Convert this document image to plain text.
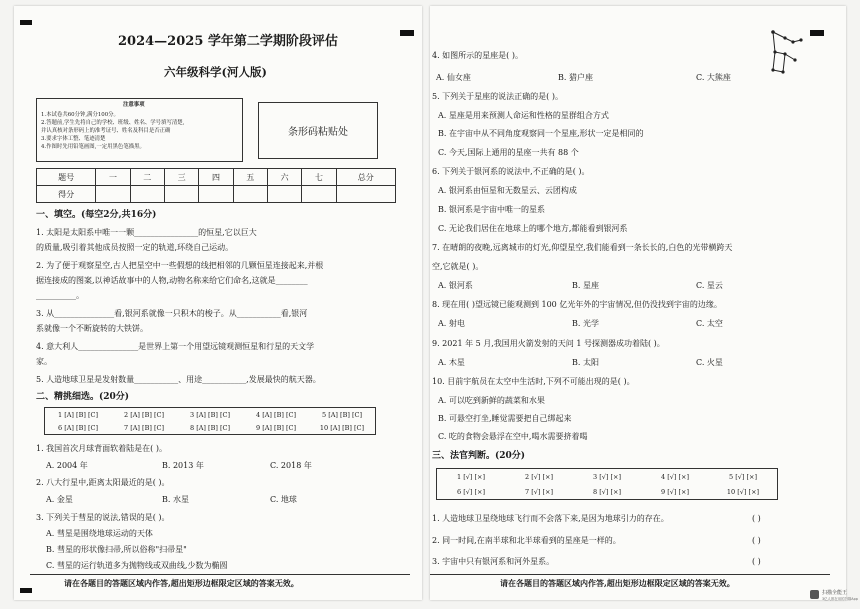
2024—2025 学年第二学期阶段评估
六年级科学(河人版)
注意事项
1.本试卷共60分钟,满分100分。
2.答题前,学生先将自己的学校、班级、姓名、学号填写清楚,
并认真核对条形码上的准考证号、姓名及科目是否正确
3.要求字体工整、笔迹清楚
4.作图时先用铅笔画图,一定用黑色笔描黑。
条形码粘贴处
题号	一	二	三	四	五	六	七	总分
得分								
一、填空。(每空2分,共16分)
1. 太阳是太阳系中唯一一颗________________的恒星,它以巨大
的质量,吸引着其他成员按照一定的轨道,环绕自己运动。
2. 为了便于观察星空,古人把星空中一些假想的线把相邻的几颗恒星连接起来,并根
据连接成的图案,以神话故事中的人物,动物名称来给它们命名,这就是________
__________。
3. 从_______________看,银河系就像一只积木的梭子。从___________看,银河
系就像一个不断旋转的大铁饼。
4. 意大利人_______________是世界上第一个用望远镜观测恒星和行星的天文学
家。
5. 人造地球卫星是发射数量___________、用途___________,发展最快的航天器。
二、精挑细选。(20分)
1 [A] [B] [C]	2 [A] [B] [C]	3 [A] [B] [C]	4 [A] [B] [C]	5 [A] [B] [C]
6 [A] [B] [C]	7 [A] [B] [C]	8 [A] [B] [C]	9 [A] [B] [C]	10 [A] [B] [C]
1. 我国首次月球背面软着陆是在( )。
A. 2004 年	B. 2013 年	C. 2018 年
2. 八大行星中,距离太阳最近的是( )。
A. 金星	B. 水星	C. 地球
3. 下列关于彗星的说法,错误的是( )。
A. 彗星是围绕地球运动的天体
B. 彗星的形状像扫帚,所以俗称"扫帚星"
C. 彗星的运行轨道多为抛物线或双曲线,少数为椭圆
请在各题目的答题区域内作答,超出矩形边框限定区域的答案无效。
4. 如图所示的星座是( )。
A. 仙女座	B. 猎户座	C. 大熊座
5. 下列关于星座的说法正确的是( )。
A. 星座是用来预测人命运和性格的星群组合方式
B. 在宇宙中从不同角度观察同一个星座,形状一定是相同的
C. 今天,国际上通用的星座一共有 88 个
6. 下列关于银河系的说法中,不正确的是( )。
A. 银河系由恒星和无数星云、云团构成
B. 银河系是宇宙中唯一的星系
C. 无论我们居住在地球上的哪个地方,都能看到银河系
7. 在晴朗的夜晚,远离城市的灯光,仰望星空,我们能看到一条长长的,白色的光带横跨天
空,它就是( )。
A. 银河系	B. 星座	C. 星云
8. 现在用( )望远镜已能观测到 100 亿光年外的宇宙情况,但仍没找到宇宙的边缘。
A. 射电	B. 光学	C. 太空
9. 2021 年 5 月,我国用火箭发射的天问 1 号探测器成功着陆( )。
A. 木星	B. 太阳	C. 火星
10. 目前宇航员在太空中生活时,下列不可能出现的是( )。
A. 可以吃到新鲜的蔬菜和水果
B. 可悬空打坐,睡觉需要把自己绑起来
C. 吃的食物会悬浮在空中,喝水需要挤着喝
三、法官判断。(20分)
1 [√] [×]	2 [√] [×]	3 [√] [×]	4 [√] [×]	5 [√] [×]
6 [√] [×]	7 [√] [×]	8 [√] [×]	9 [√] [×]	10 [√] [×]
1. 人造地球卫星绕地球飞行而不会落下来,是因为地球引力的存在。	( )
2. 同一时间,在南半球和北半球看到的星座是一样的。	( )
3. 宇宙中只有银河系和河外星系。	( )
请在各题目的答题区域内作答,超出矩形边框限定区域的答案无效。
扫描全能王
3亿人都在用的扫描App
